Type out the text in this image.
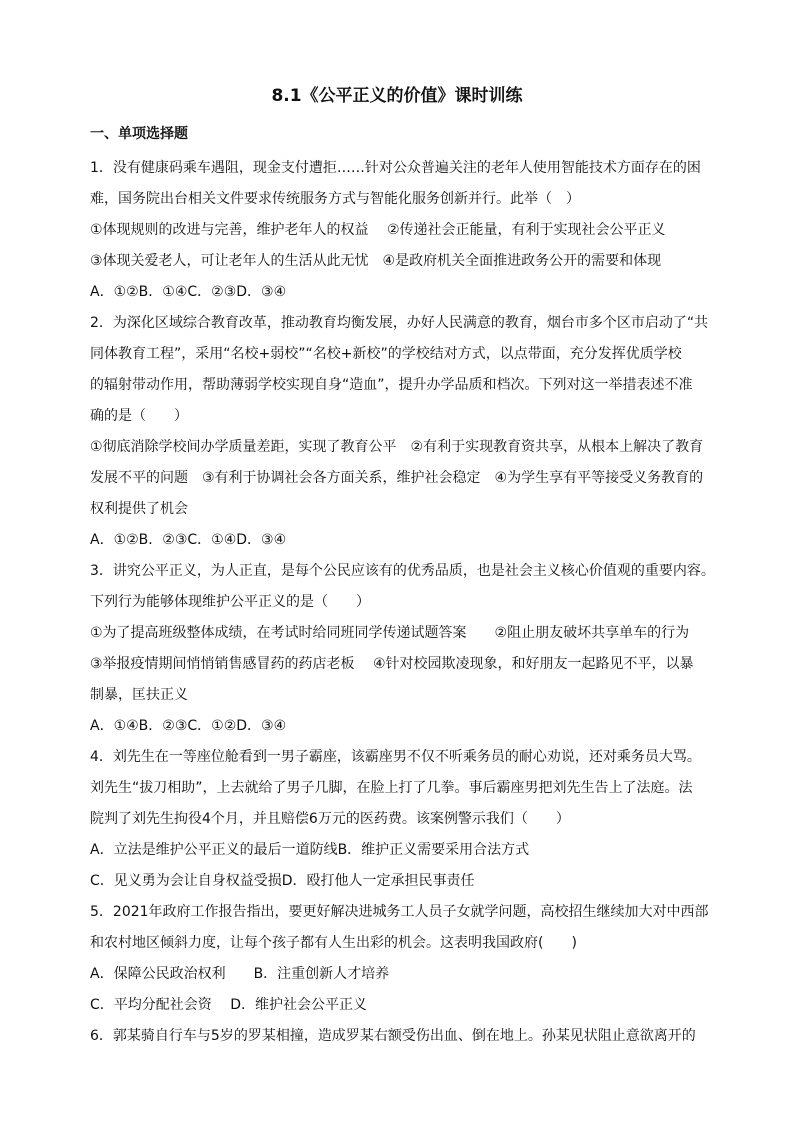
8.1《公平正义的价值》课时训练
一、单项选择题
1．没有健康码乘车遇阻，现金支付遭拒……针对公众普遍关注的老年人使用智能技术方面存在的困
难，国务院出台相关文件要求传统服务方式与智能化服务创新并行。此举（　）
①体现规则的改进与完善，维护老年人的权益　 ②传递社会正能量，有利于实现社会公平正义
③体现关爱老人，可让老年人的生活从此无忧　④是政府机关全面推进政务公开的需要和体现
A．①②B．①④C．②③D．③④
2．为深化区域综合教育改革，推动教育均衡发展，办好人民满意的教育，烟台市多个区市启动了“共
同体教育工程”，采用“名校+弱校”“名校+新校”的学校结对方式，以点带面，充分发挥优质学校
的辐射带动作用，帮助薄弱学校实现自身“造血”，提升办学品质和档次。下列对这一举措表述不准
确的是（　　）
①彻底消除学校间办学质量差距，实现了教育公平　②有利于实现教育资共享，从根本上解决了教育
发展不平的问题　③有利于协调社会各方面关系，维护社会稳定　④为学生享有平等接受义务教育的
权利提供了机会
A．①②B．②③C．①④D．③④
3．讲究公平正义，为人正直，是每个公民应该有的优秀品质，也是社会主义核心价值观的重要内容。
下列行为能够体现维护公平正义的是（　　）
①为了提高班级整体成绩，在考试时给同班同学传递试题答案　　②阻止朋友破坏共享单车的行为
③举报疫情期间悄悄销售感冒药的药店老板　 ④针对校园欺凌现象，和好朋友一起路见不平，以暴
制暴，匡扶正义
A．①④B．②③C．①②D．③④
4．刘先生在一等座位舱看到一男子霸座，该霸座男不仅不听乘务员的耐心劝说，还对乘务员大骂。
刘先生“拔刀相助”，上去就给了男子几脚，在脸上打了几拳。事后霸座男把刘先生告上了法庭。法
院判了刘先生拘役4个月，并且赔偿6万元的医药费。该案例警示我们（　　）
A．立法是维护公平正义的最后一道防线B．维护正义需要采用合法方式
C．见义勇为会让自身权益受损D．殴打他人一定承担民事责任
5．2021年政府工作报告指出，要更好解决进城务工人员子女就学问题，高校招生继续加大对中西部
和农村地区倾斜力度，让每个孩子都有人生出彩的机会。这表明我国政府(　　)
A．保障公民政治权利　　B．注重创新人才培养
C．平均分配社会资　 D．维护社会公平正义
6．郭某骑自行车与5岁的罗某相撞，造成罗某右额受伤出血、倒在地上。孙某见状阻止意欲离开的
